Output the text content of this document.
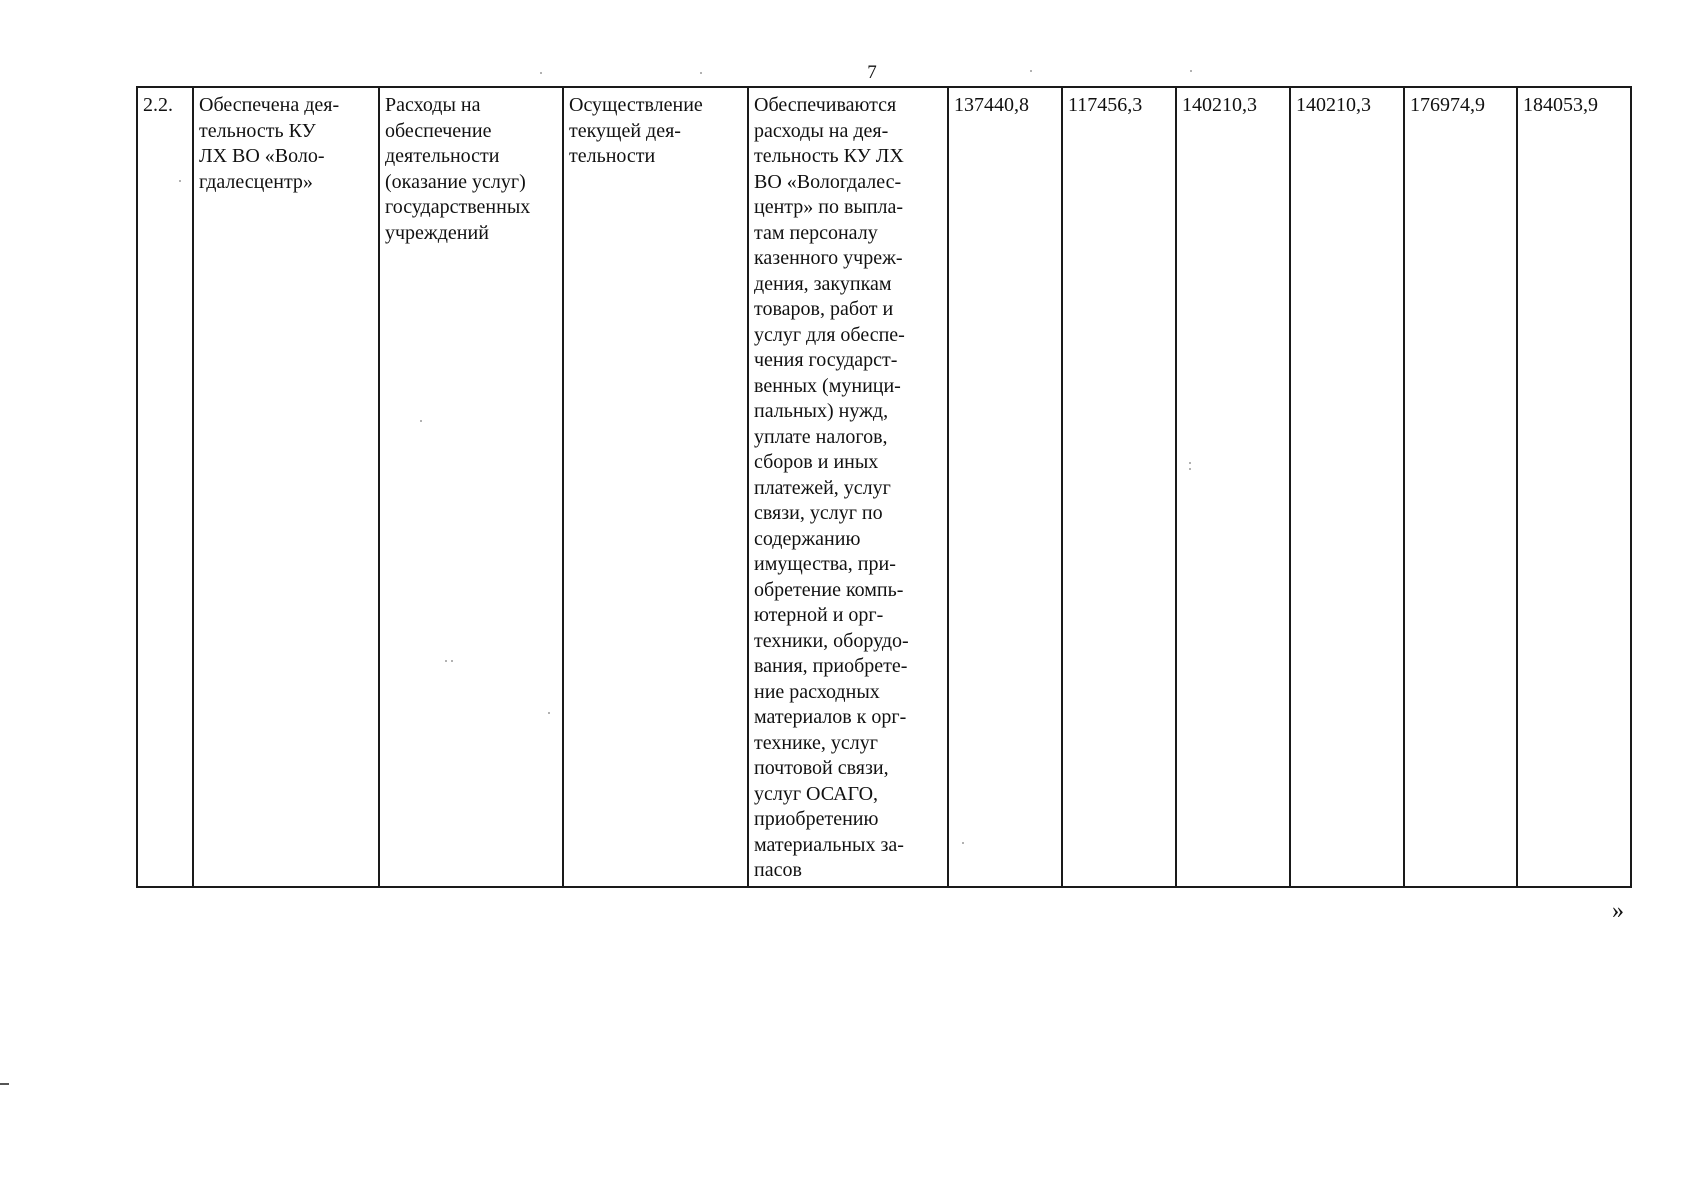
7
2.2.	Обеспечена дея-
тельность КУ
ЛХ ВО «Воло-
гдалесцентр»	Расходы на
обеспечение
деятельности
(оказание услуг)
государственных
учреждений	Осуществление
текущей дея-
тельности	Обеспечиваются
расходы на дея-
тельность КУ ЛХ
ВО «Вологдалес-
центр» по выпла-
там персоналу
казенного учреж-
дения, закупкам
товаров, работ и
услуг для обеспе-
чения государст-
венных (муници-
пальных) нужд,
уплате налогов,
сборов и иных
платежей, услуг
связи, услуг по
содержанию
имущества, при-
обретение компь-
ютерной и орг-
техники, оборудо-
вания, приобрете-
ние расходных
материалов к орг-
технике, услуг
почтовой связи,
услуг ОСАГО,
приобретению
материальных за-
пасов	137440,8	117456,3	140210,3	140210,3	176974,9	184053,9
»
